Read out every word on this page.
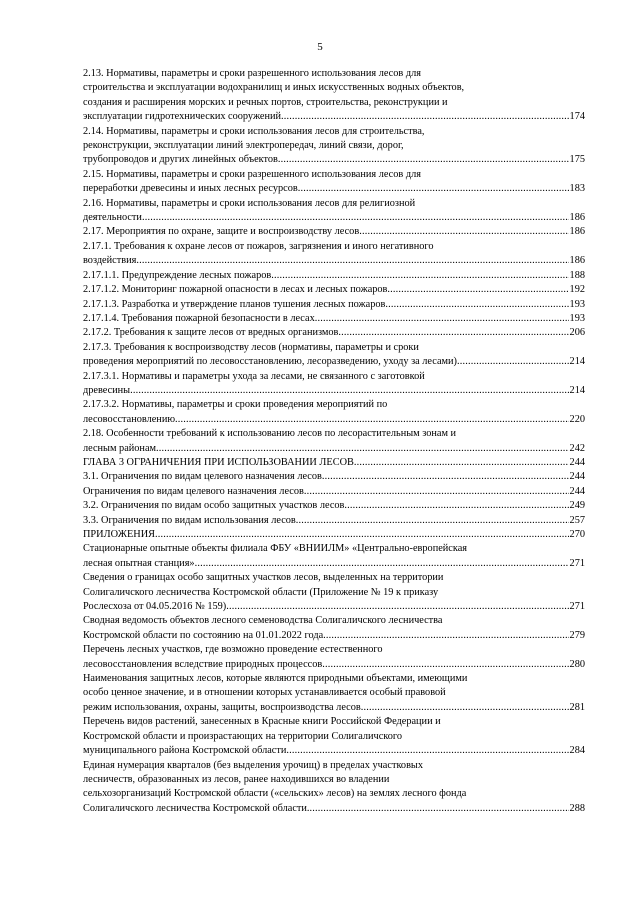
5
2.13. Нормативы, параметры и сроки разрешенного использования лесов для
строительства и эксплуатации водохранилищ и иных искусственных водных объектов,
создания и расширения морских и речных портов, строительства, реконструкции и
эксплуатации гидротехнических сооружений . . .	174
2.14. Нормативы, параметры и сроки использования лесов для строительства,
реконструкции, эксплуатации линий электропередач, линий связи, дорог,
трубопроводов и других линейных объектов . . .	175
2.15. Нормативы, параметры и сроки разрешенного использования лесов для
переработки древесины и иных лесных ресурсов . . .	183
2.16. Нормативы, параметры и сроки использования лесов для религиозной
деятельности . . .	186
2.17. Мероприятия по охране, защите и воспроизводству лесов . . .	186
2.17.1. Требования к охране лесов от пожаров, загрязнения и иного негативного
воздействия . . .	186
2.17.1.1. Предупреждение лесных пожаров . . .	188
2.17.1.2. Мониторинг пожарной опасности в лесах и лесных пожаров . . .	192
2.17.1.3. Разработка и утверждение планов тушения лесных пожаров . . .	193
2.17.1.4. Требования пожарной безопасности в лесах . . .	193
2.17.2. Требования к защите лесов от вредных организмов . . .	206
2.17.3. Требования к воспроизводству лесов (нормативы, параметры и сроки
проведения мероприятий по лесовосстановлению, лесоразведению, уходу за лесами) . . .	214
2.17.3.1. Нормативы и параметры ухода за лесами, не связанного с заготовкой
древесины . . .	214
2.17.3.2. Нормативы, параметры и сроки проведения мероприятий по
лесовосстановлению . . .	220
2.18. Особенности требований к использованию лесов по лесорастительным зонам и
лесным районам . . .	242
ГЛАВА 3 ОГРАНИЧЕНИЯ ПРИ ИСПОЛЬЗОВАНИИ ЛЕСОВ . . .	244
3.1. Ограничения по видам целевого назначения лесов . . .	244
Ограничения по видам целевого назначения лесов . . .	244
3.2. Ограничения по видам особо защитных участков лесов . . .	249
3.3. Ограничения по видам использования лесов . . .	257
ПРИЛОЖЕНИЯ . . .	270
Стационарные опытные объекты филиала ФБУ «ВНИИЛМ» «Центрально-европейская
лесная опытная станция» . . .	271
Сведения о границах особо защитных участков лесов, выделенных на территории
Солигаличского лесничества Костромской области (Приложение № 19 к приказу
Рослесхоза от 04.05.2016 № 159) . . .	271
Сводная ведомость объектов лесного семеноводства Солигаличского лесничества
Костромской области по состоянию на 01.01.2022 года . . .	279
Перечень лесных участков, где возможно проведение естественного
лесовосстановления вследствие природных процессов . . .	280
Наименования защитных лесов, которые являются природными объектами, имеющими
особо ценное значение, и в отношении которых устанавливается особый правовой
режим использования, охраны, защиты, воспроизводства лесов . . .	281
Перечень видов растений, занесенных в Красные книги Российской Федерации и
Костромской области и произрастающих на территории Солигаличского
муниципального района Костромской области . . .	284
Единая нумерация кварталов (без выделения урочищ) в пределах участковых
лесничеств, образованных из лесов, ранее находившихся во владении
сельхозорганизаций Костромской области («сельских» лесов) на землях лесного фонда
Солигаличского лесничества Костромской области. . . .	288
